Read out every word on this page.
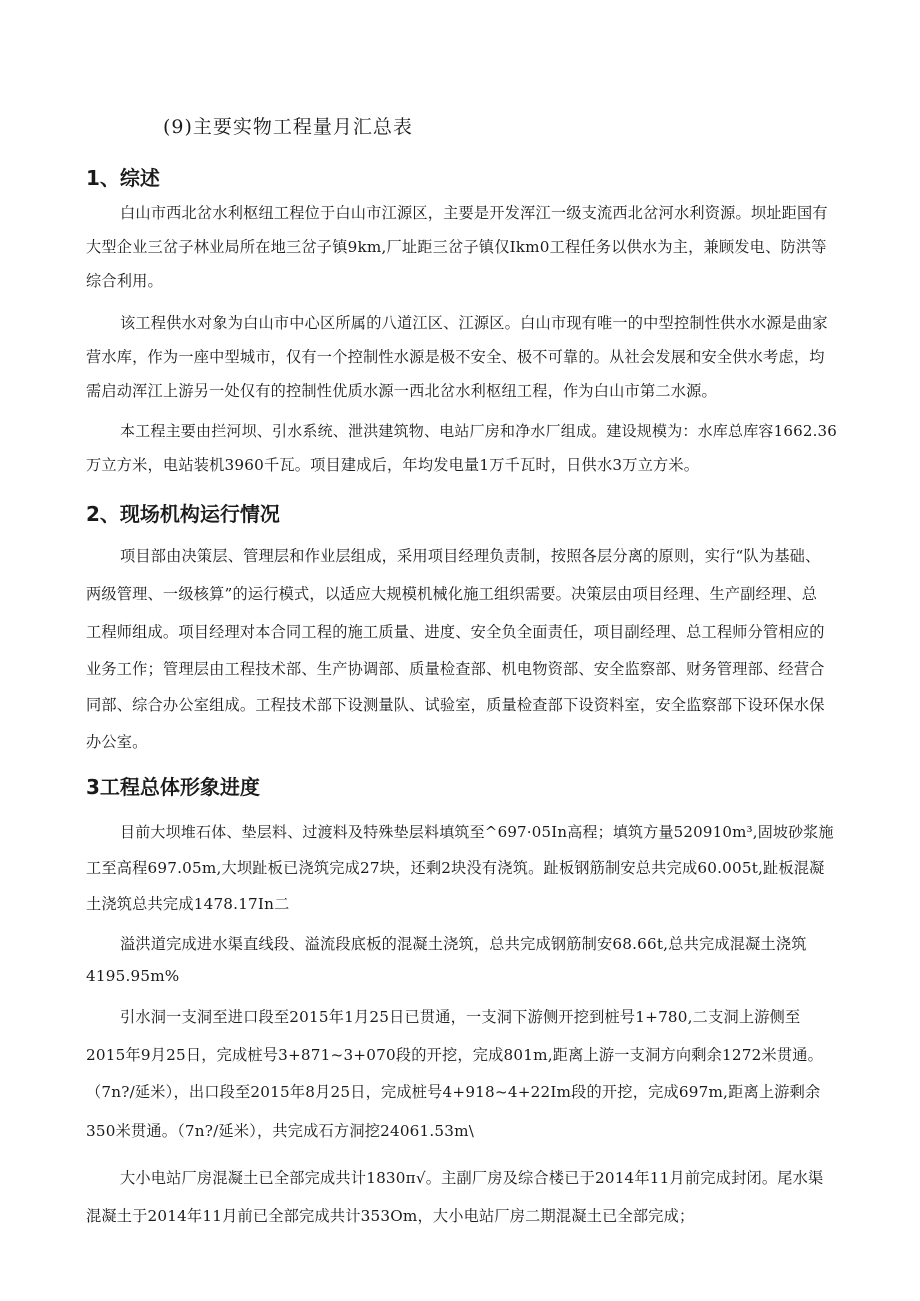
(9)主要实物工程量月汇总表
1、综述
白山市西北岔水利枢纽工程位于白山市江源区，主要是开发浑江一级支流西北岔河水利资源。坝址距国有
大型企业三岔子林业局所在地三岔子镇9km,厂址距三岔子镇仅Ikm0工程任务以供水为主，兼顾发电、防洪等
综合利用。
该工程供水对象为白山市中心区所属的八道江区、江源区。白山市现有唯一的中型控制性供水水源是曲家
营水库，作为一座中型城市，仅有一个控制性水源是极不安全、极不可靠的。从社会发展和安全供水考虑，均
需启动浑江上游另一处仅有的控制性优质水源一西北岔水利枢纽工程，作为白山市第二水源。
本工程主要由拦河坝、引水系统、泄洪建筑物、电站厂房和净水厂组成。建设规模为：水库总库容1662.36
万立方米，电站装机3960千瓦。项目建成后，年均发电量1万千瓦时，日供水3万立方米。
2、现场机构运行情况
项目部由决策层、管理层和作业层组成，采用项目经理负责制，按照各层分离的原则，实行“队为基础、
两级管理、一级核算”的运行模式，以适应大规模机械化施工组织需要。决策层由项目经理、生产副经理、总
工程师组成。项目经理对本合同工程的施工质量、进度、安全负全面责任，项目副经理、总工程师分管相应的
业务工作；管理层由工程技术部、生产协调部、质量检查部、机电物资部、安全监察部、财务管理部、经营合
同部、综合办公室组成。工程技术部下设测量队、试验室，质量检查部下设资料室，安全监察部下设环保水保
办公室。
3工程总体形象进度
目前大坝堆石体、垫层料、过渡料及特殊垫层料填筑至^697·05In高程；填筑方量520910m³,固坡砂浆施
工至高程697.05m,大坝趾板已浇筑完成27块，还剩2块没有浇筑。趾板钢筋制安总共完成60.005t,趾板混凝
土浇筑总共完成1478.17In二
溢洪道完成进水渠直线段、溢流段底板的混凝土浇筑，总共完成钢筋制安68.66t,总共完成混凝土浇筑
4195.95m%
引水洞一支洞至进口段至2015年1月25日已贯通，一支洞下游侧开挖到桩号1+780,二支洞上游侧至
2015年9月25日，完成桩号3+871~3+070段的开挖，完成801m,距离上游一支洞方向剩余1272米贯通。
（7n?/延米），出口段至2015年8月25日，完成桩号4+918~4+22Im段的开挖，完成697m,距离上游剩余
350米贯通。（7n?/延米），共完成石方洞挖24061.53m\
大小电站厂房混凝土已全部完成共计1830π√。主副厂房及综合楼已于2014年11月前完成封闭。尾水渠
混凝土于2014年11月前已全部完成共计353Om，大小电站厂房二期混凝土已全部完成；
